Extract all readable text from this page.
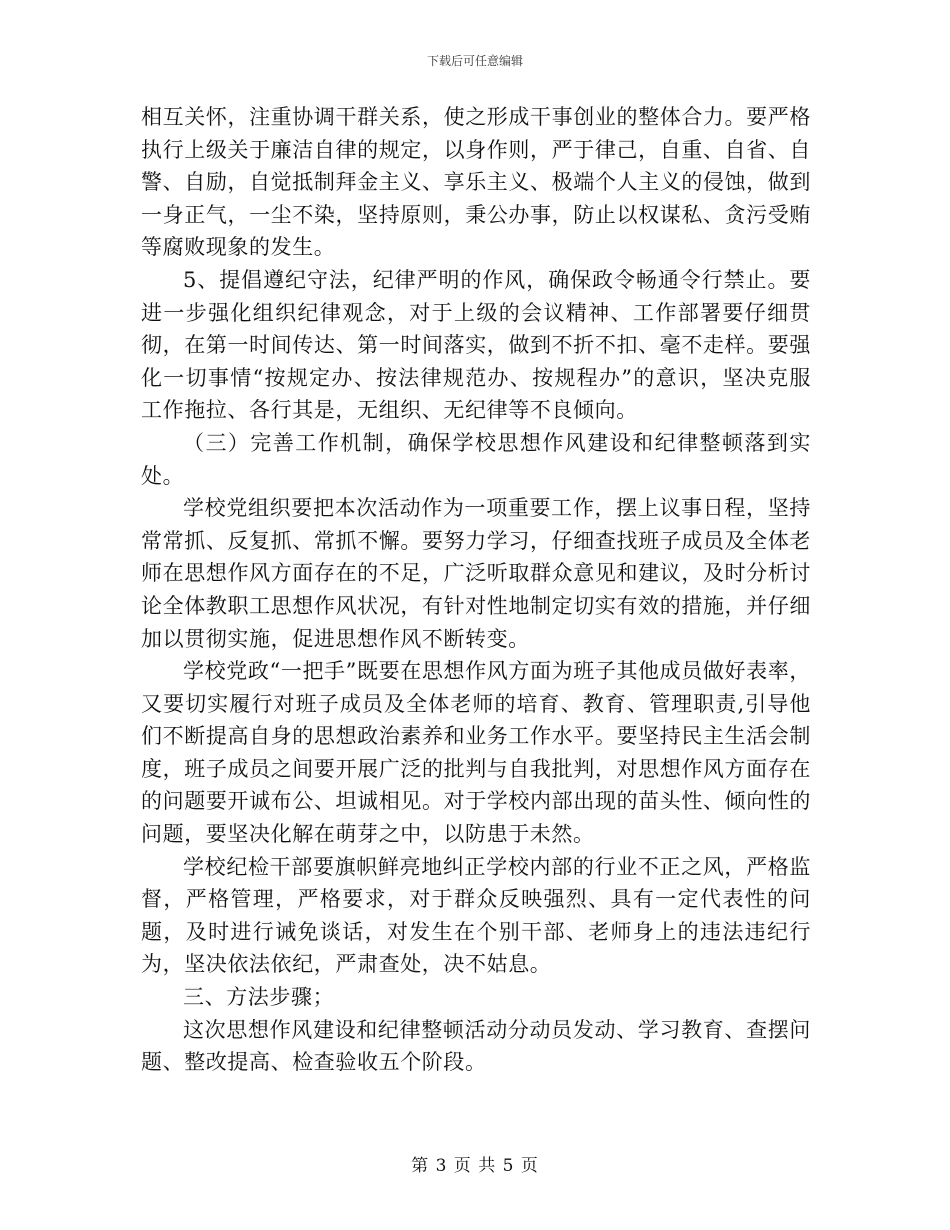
下载后可任意编辑

相互关怀，注重协调干群关系，使之形成干事创业的整体合力。要严格执行上级关于廉洁自律的规定，以身作则，严于律己，自重、自省、自警、自励，自觉抵制拜金主义、享乐主义、极端个人主义的侵蚀，做到一身正气，一尘不染，坚持原则，秉公办事，防止以权谋私、贪污受贿等腐败现象的发生。

5、提倡遵纪守法，纪律严明的作风，确保政令畅通令行禁止。要进一步强化组织纪律观念，对于上级的会议精神、工作部署要仔细贯彻，在第一时间传达、第一时间落实，做到不折不扣、毫不走样。要强化一切事情“按规定办、按法律规范办、按规程办”的意识，坚决克服工作拖拉、各行其是，无组织、无纪律等不良倾向。

（三）完善工作机制，确保学校思想作风建设和纪律整顿落到实处。

学校党组织要把本次活动作为一项重要工作，摆上议事日程，坚持常常抓、反复抓、常抓不懈。要努力学习，仔细查找班子成员及全体老师在思想作风方面存在的不足，广泛听取群众意见和建议，及时分析讨论全体教职工思想作风状况，有针对性地制定切实有效的措施，并仔细加以贯彻实施，促进思想作风不断转变。

学校党政“一把手”既要在思想作风方面为班子其他成员做好表率，又要切实履行对班子成员及全体老师的培育、教育、管理职责,引导他们不断提高自身的思想政治素养和业务工作水平。要坚持民主生活会制度，班子成员之间要开展广泛的批判与自我批判，对思想作风方面存在的问题要开诚布公、坦诚相见。对于学校内部出现的苗头性、倾向性的问题，要坚决化解在萌芽之中，以防患于未然。

学校纪检干部要旗帜鲜亮地纠正学校内部的行业不正之风，严格监督，严格管理，严格要求，对于群众反映强烈、具有一定代表性的问题，及时进行诫免谈话，对发生在个别干部、老师身上的违法违纪行为，坚决依法依纪，严肃查处，决不姑息。

三、方法步骤；

这次思想作风建设和纪律整顿活动分动员发动、学习教育、查摆问题、整改提高、检查验收五个阶段。

第 3 页 共 5 页
